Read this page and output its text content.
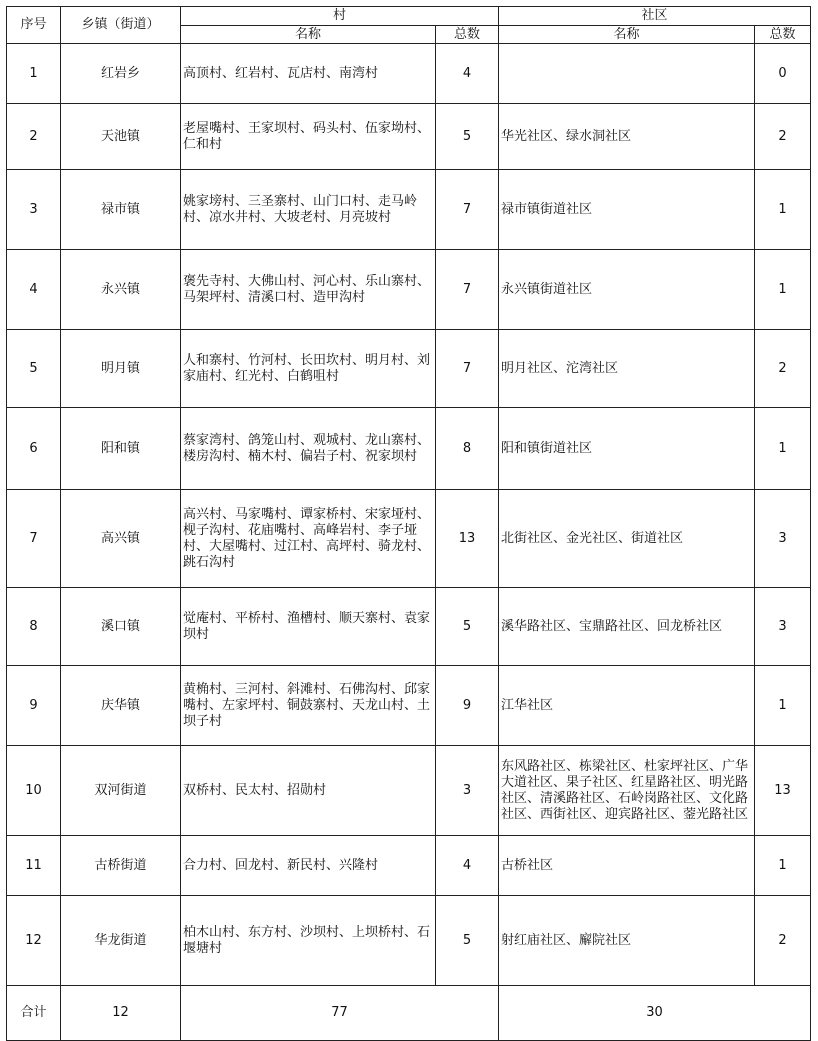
序号	乡镇（街道）	村		社区	
		名称	总数	名称	总数
1	红岩乡	高顶村、红岩村、瓦店村、南湾村	4		0
2	天池镇	老屋嘴村、王家坝村、码头村、伍家坳村、仁和村	5	华光社区、绿水洞社区	2
3	禄市镇	姚家塝村、三圣寨村、山门口村、走马岭村、凉水井村、大坡老村、月亮坡村	7	禄市镇街道社区	1
4	永兴镇	褒先寺村、大佛山村、河心村、乐山寨村、马架坪村、清溪口村、造甲沟村	7	永兴镇街道社区	1
5	明月镇	人和寨村、竹河村、长田坎村、明月村、刘家庙村、红光村、白鹤咀村	7	明月社区、沱湾社区	2
6	阳和镇	蔡家湾村、鸽笼山村、观城村、龙山寨村、楼房沟村、楠木村、偏岩子村、祝家坝村	8	阳和镇街道社区	1
7	高兴镇	高兴村、马家嘴村、谭家桥村、宋家垭村、枧子沟村、花庙嘴村、高峰岩村、李子垭村、大屋嘴村、过江村、高坪村、骑龙村、跳石沟村	13	北街社区、金光社区、街道社区	3
8	溪口镇	觉庵村、平桥村、渔槽村、顺天寨村、袁家坝村	5	溪华路社区、宝鼎路社区、回龙桥社区	3
9	庆华镇	黄桷村、三河村、斜滩村、石佛沟村、邱家嘴村、左家坪村、铜鼓寨村、天龙山村、土坝子村	9	江华社区	1
10	双河街道	双桥村、民太村、招勋村	3	东风路社区、栋梁社区、杜家坪社区、广华大道社区、果子社区、红星路社区、明光路社区、清溪路社区、石岭岗路社区、文化路社区、西街社区、迎宾路社区、蓥光路社区	13
11	古桥街道	合力村、回龙村、新民村、兴隆村	4	古桥社区	1
12	华龙街道	柏木山村、东方村、沙坝村、上坝桥村、石堰塘村	5	射红庙社区、廨院社区	2
合计	12	77		30	
